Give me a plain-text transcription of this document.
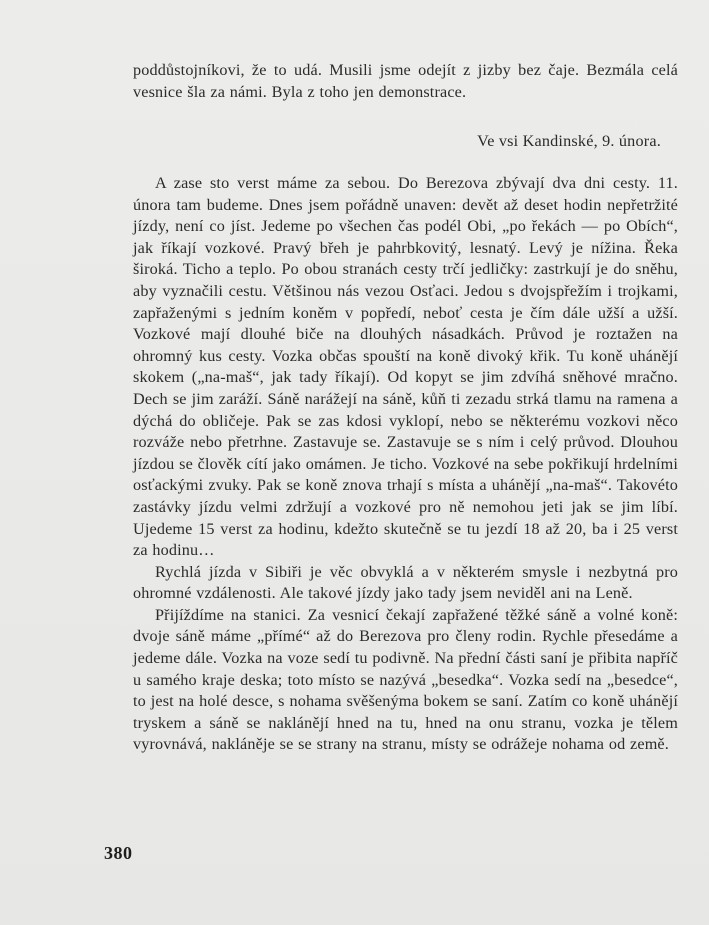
poddůstojníkovi, že to udá. Musili jsme odejít z jizby bez čaje. Bezmála celá vesnice šla za námi. Byla z toho jen demonstrace.

Ve vsi Kandinské, 9. února.

A zase sto verst máme za sebou. Do Berezova zbývají dva dni cesty. 11. února tam budeme. Dnes jsem pořádně unaven: devět až deset hodin nepřetržité jízdy, není co jíst. Jedeme po všechen čas podél Obi, „po řekách — po Obích“, jak říkají vozkové. Pravý břeh je pahrbkovitý, lesnatý. Levý je nížina. Řeka široká. Ticho a teplo. Po obou stranách cesty trčí jedličky: zastrkují je do sněhu, aby vyznačili cestu. Většinou nás vezou Osťaci. Jedou s dvojspřežím i trojkami, zapřaženými s jedním koněm v popředí, neboť cesta je čím dále užší a užší. Vozkové mají dlouhé biče na dlouhých násadkách. Průvod je roztažen na ohromný kus cesty. Vozka občas spouští na koně divoký křik. Tu koně uhánějí skokem („na-maš“, jak tady říkají). Od kopyt se jim zdvíhá sněhové mračno. Dech se jim zaráží. Sáně narážejí na sáně, kůň ti zezadu strká tlamu na ramena a dýchá do obličeje. Pak se zas kdosi vyklopí, nebo se některému vozkovi něco rozváže nebo přetrhne. Zastavuje se. Zastavuje se s ním i celý průvod. Dlouhou jízdou se člověk cítí jako omámen. Je ticho. Vozkové na sebe pokřikují hrdelními osťackými zvuky. Pak se koně znova trhají s místa a uhánějí „na-maš“. Takovéto zastávky jízdu velmi zdržují a vozkové pro ně nemohou jeti jak se jim líbí. Ujedeme 15 verst za hodinu, kdežto skutečně se tu jezdí 18 až 20, ba i 25 verst za hodinu…

Rychlá jízda v Sibiři je věc obvyklá a v některém smysle i nezbytná pro ohromné vzdálenosti. Ale takové jízdy jako tady jsem neviděl ani na Leně.

Přijíždíme na stanici. Za vesnicí čekají zapřažené těžké sáně a volné koně: dvoje sáně máme „přímé“ až do Berezova pro členy rodin. Rychle přesedáme a jedeme dále. Vozka na voze sedí tu podivně. Na přední části saní je přibita napříč u samého kraje deska; toto místo se nazývá „besedka“. Vozka sedí na „besedce“, to jest na holé desce, s nohama svěšenýma bokem se saní. Zatím co koně uhánějí tryskem a sáně se naklánějí hned na tu, hned na onu stranu, vozka je tělem vyrovnává, nakláněje se se strany na stranu, místy se odrážeje nohama od země.

380
